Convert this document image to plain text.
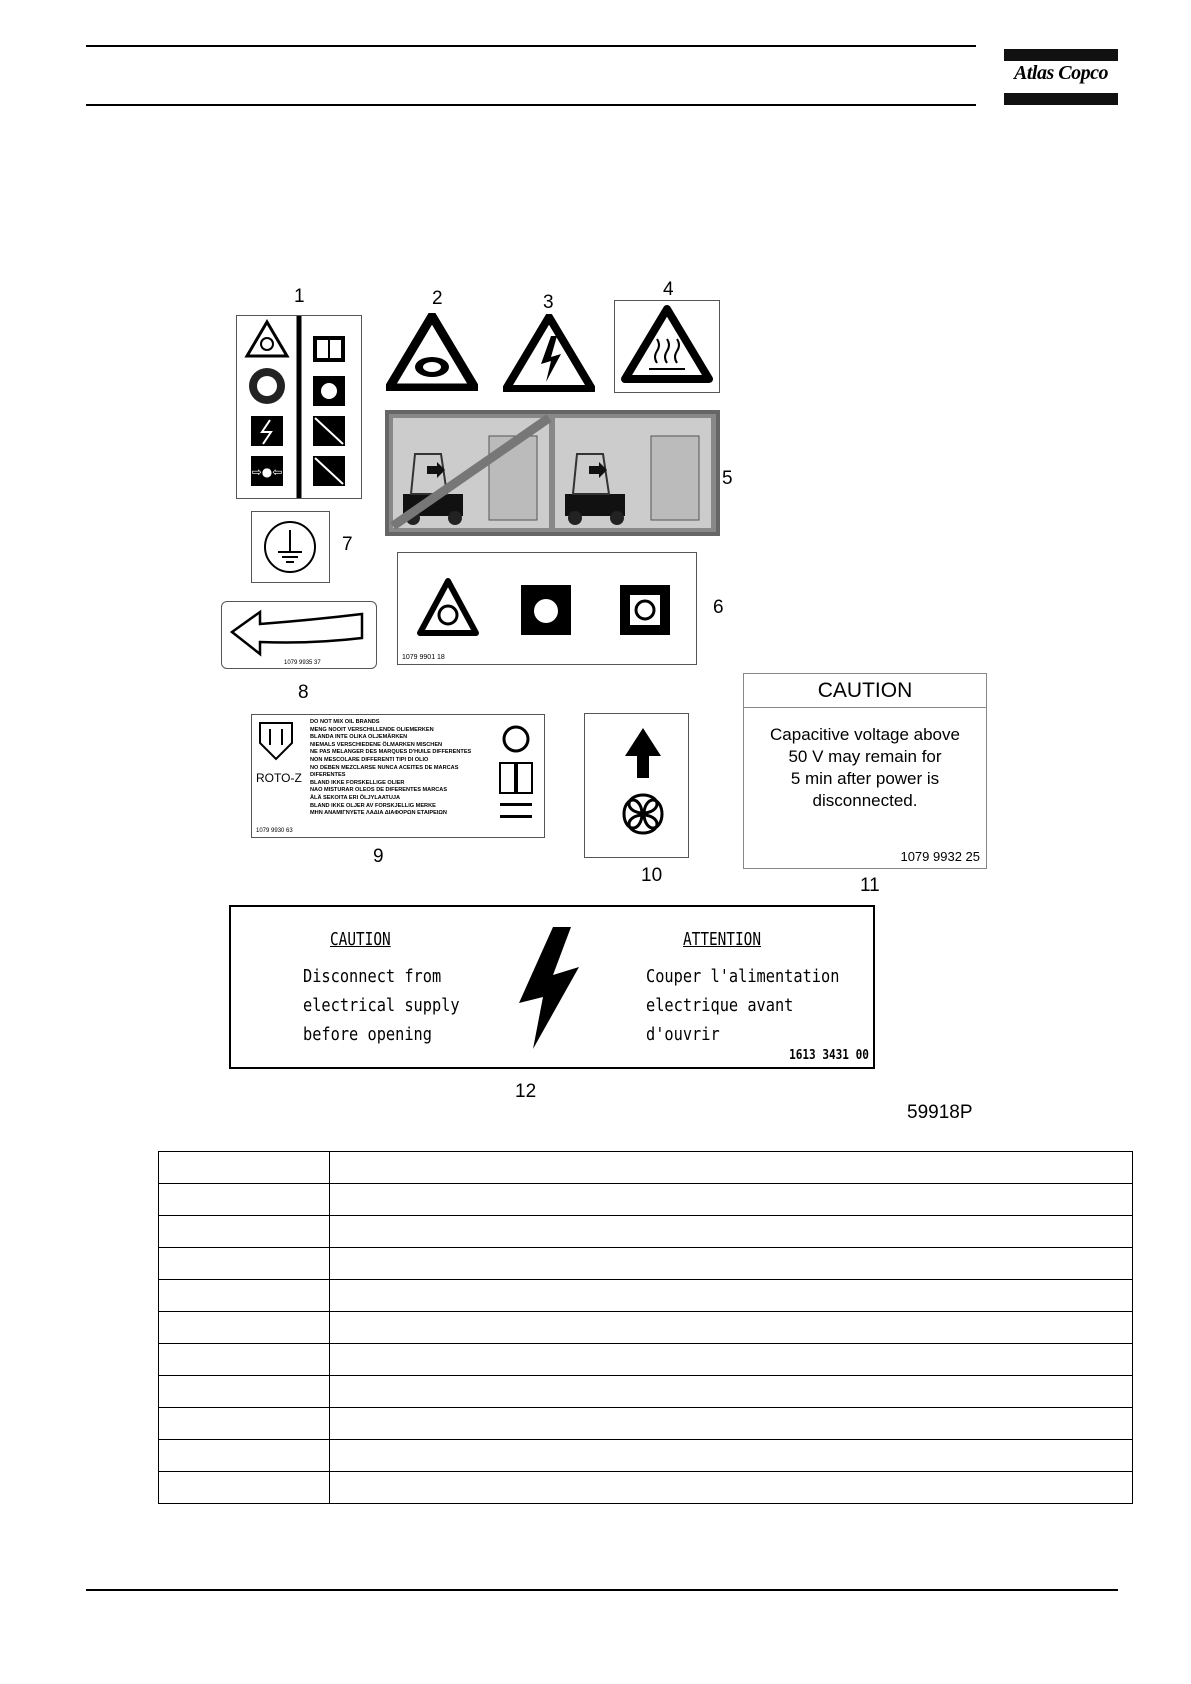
Atlas Copco
1	2	3
4
5
6
7
8
9
10	11
12
⇨●⇦
1079 9901 18
1079 9935 37
ROTO-Z
DO NOT MIX OIL BRANDS
MENG NOOIT VERSCHILLENDE OLIEMERKEN
BLANDA INTE OLIKA OLJEMÄRKEN
NIEMALS VERSCHIEDENE ÖLMARKEN MISCHEN
NE PAS MELANGER DES MARQUES D'HUILE DIFFERENTES
NON MESCOLARE DIFFERENTI TIPI DI OLIO
NO DEBEN MEZCLARSE NUNCA ACEITES DE MARCAS DIFERENTES
BLAND IKKE FORSKELLIGE OLIER
NAO MISTURAR OLEOS DE DIFERENTES MARCAS
ÄLÄ SEKOITA ERI ÖLJYLAATUJA
BLAND IKKE OLJER AV FORSKJELLIG MERKE
MHN ANAMIΓNYETE ΛAΔIA ΔIAΦOPΩN ETAIPEIΩN
1079 9930 63
CAUTION
Capacitive voltage above
50 V may remain for
5 min after power is
disconnected.
1079 9932 25
CAUTION
Disconnect from
electrical supply
before opening
ATTENTION
Couper l'alimentation
electrique avant
d'ouvrir
1613 3431 00
59918P
